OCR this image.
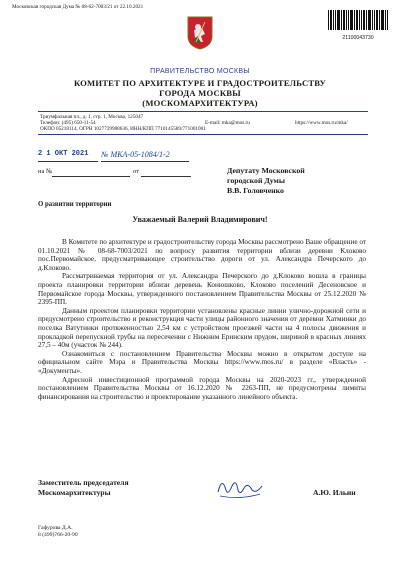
Московская городская Дума № 08-62-7003/21 от 22.10.2021
21100043730
ПРАВИТЕЛЬСТВО МОСКВЫ
КОМИТЕТ ПО АРХИТЕКТУРЕ И ГРАДОСТРОИТЕЛЬСТВУ
ГОРОДА МОСКВЫ
(МОСКОМАРХИТЕКТУРА)
Триумфальная пл., д. 1, стр. 1, Москва, 125047
Телефон: (495) 650-11-54	E-mail: mka@mos.ru	https://www.mos.ru/mka/
ОКПО 05218114, ОГРН 1027739908636, ИНН/КПП 7710145589/771001001
2 1 ОКТ 2021 № МКА-05-1084/1-2
на №	от	Депутату Московской
городской Думы
В.В. Головченко
О развитии территории
Уважаемый Валерий Владимирович!

В Комитете по архитектуре и градостроительству города Москвы рассмотрено Ваше обращение от 01.10.2021 № 08-68-7003/2021 по вопросу развития территории вблизи деревни Клоково пос.Первомайское, предусматривающее строительство дороги от ул. Александра Печерского до д.Клоково.

Рассматриваемая территория от ул. Александра Печерского до д.Клоково вошла в границы проекта планировки территории вблизи деревень Конюшково, Клоково поселений Десеновское и Первомайское города Москвы, утвержденного постановлением Правительства Москвы от 25.12.2020 № 2395-ПП.

Данным проектом планировки территории установлены красные линии улично-дорожной сети и предусмотрено строительство и реконструкция части улицы районного значения от деревни Хатминки до поселка Ватутинки протяженностью 2,54 км с устройством проезжей части на 4 полосы движения и прокладкой перепускной трубы на пересечении с Нижним Еринским прудом, шириной в красных линиях 27,5 – 40м (участок № 244).

Ознакомиться с постановлением Правительства Москвы можно в открытом доступе на официальном сайте Мэра и Правительства Москвы https://www.mos.ru/ в разделе «Власть» - «Документы».

Адресной инвестиционной программой города Москвы на 2020-2023 гг., утвержденной постановлением Правительства Москвы от 16.12.2020 № 2263-ПП, не предусмотрены лимиты финансирования на строительство и проектирование указанного линейного объекта.

Заместитель председателя
Москомархитектуры	А.Ю. Ильин
Гафурова Д.А.
8 (499)766-20-90
